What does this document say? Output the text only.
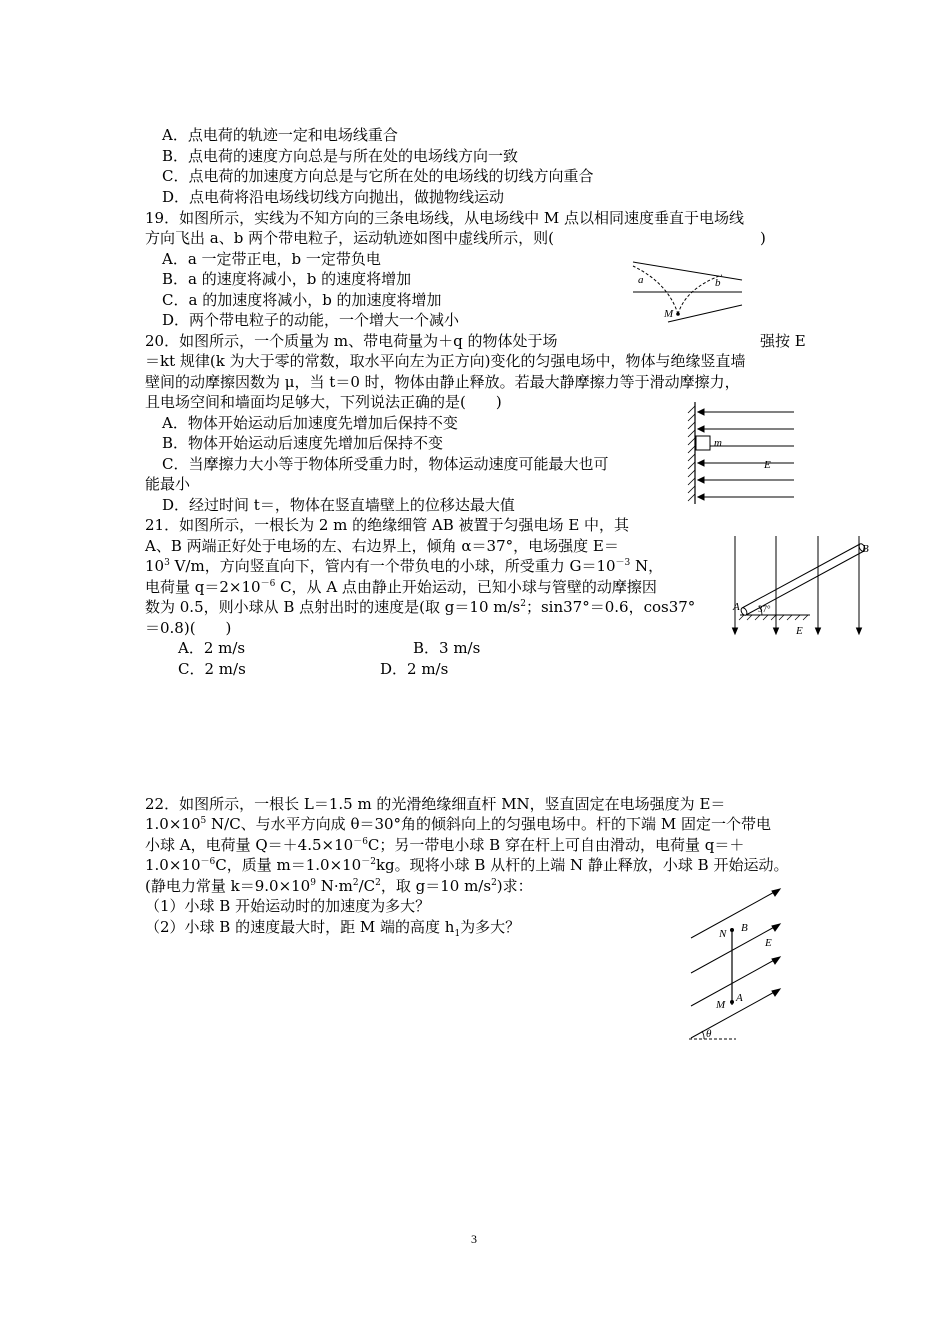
A．点电荷的轨迹一定和电场线重合
B．点电荷的速度方向总是与所在处的电场线方向一致
C．点电荷的加速度方向总是与它所在处的电场线的切线方向重合
D．点电荷将沿电场线切线方向抛出，做抛物线运动
19．如图所示，实线为不知方向的三条电场线，从电场线中 M 点以相同速度垂直于电场线
方向飞出 a、b 两个带电粒子，运动轨迹如图中虚线所示，则(	)
A．a 一定带正电，b 一定带负电
B．a 的速度将减小，b 的速度将增加
C．a 的加速度将减小，b 的加速度将增加
D．两个带电粒子的动能，一个增大一个减小
a	b
M
20．如图所示，一个质量为 m、带电荷量为＋q 的物体处于场	强按 E
＝kt 规律(k 为大于零的常数，取水平向左为正方向)变化的匀强电场中，物体与绝缘竖直墙
壁间的动摩擦因数为 μ，当 t＝0 时，物体由静止释放。若最大静摩擦力等于滑动摩擦力，
且电场空间和墙面均足够大，下列说法正确的是(　　)
A．物体开始运动后加速度先增加后保持不变
B．物体开始运动后速度先增加后保持不变
C．当摩擦力大小等于物体所受重力时，物体运动速度可能最大也可
能最小
D．经过时间 t＝，物体在竖直墙壁上的位移达最大值
m
E
21．如图所示，一根长为 2 m 的绝缘细管 AB 被置于匀强电场 E 中，其
A、B 两端正好处于电场的左、右边界上，倾角 α＝37°，电场强度 E＝
$10^3$ V/m，方向竖直向下，管内有一个带负电的小球，所受重力 $G=10^{-3}$ N，
电荷量 $q=2\times 10^{-6}$ C，从 A 点由静止开始运动，已知小球与管壁的动摩擦因
数为 0.5，则小球从 B 点射出时的速度是(取 g＝10 $m/s^2$；sin37°＝0.6，cos37°
＝0.8)(　　)
A．2 m/s	B．3 m/s
C．2 m/s	D．2 m/s
A
B
37°
E
22．如图所示，一根长 L＝1.5 m 的光滑绝缘细直杆 MN，竖直固定在电场强度为 E＝
$1.0\times 10^5$ N/C、与水平方向成 θ＝30°角的倾斜向上的匀强电场中。杆的下端 M 固定一个带电
小球 A，电荷量 $Q=+4.5\times 10^{-6}C$；另一带电小球 B 穿在杆上可自由滑动，电荷量 q＝＋
$1.0\times 10^{-6}C$，质量 $m=1.0\times 10^{-2}kg$。现将小球 B 从杆的上端 N 静止释放，小球 B 开始运动。
(静电力常量 $k=9.0\times 10^9$ $N\cdot m^2/C^2$，取 g＝10 $m/s^2$)求：
（1）小球 B 开始运动时的加速度为多大？
（2）小球 B 的速度最大时，距 M 端的高度 $h_1$为多大？	N B
E
M
A
θ
3
